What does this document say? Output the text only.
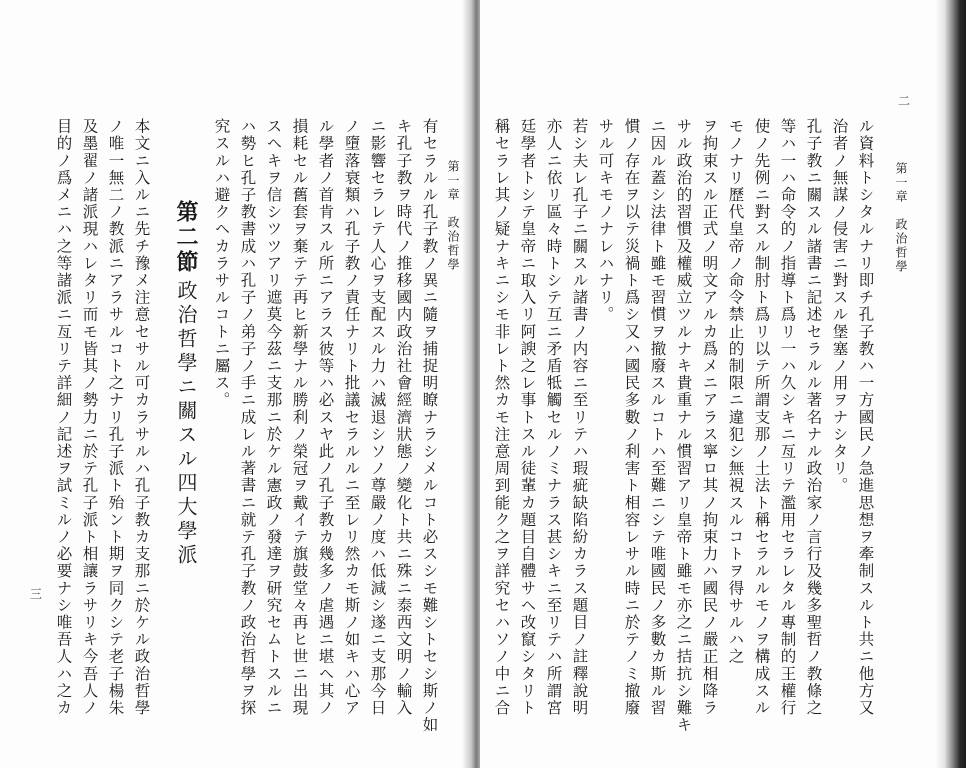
第一章　政治哲學
三	有セラルル孔子教ノ異ニ隨ヲ捕捉明瞭ナラシメルコト必スシモ難シトセシ斯ノ如
キ孔子教ヲ時代ノ推移國内政治社會經濟狀態ノ變化ト共ニ殊ニ泰西文明ノ輸入
ニ影響セラレテ人心ヲ支配スル力ハ滅退シソノ尊嚴ノ度ハ低減シ遂ニ支那今日
ノ墮落衰類ハ孔子教ノ責任ナリト批議セラルルニ至レリ然カモ斯ノ如キハ心ア
ル學者ノ首肯スル所ニアラス彼等ハ必スヤ此ノ孔子教カ幾多ノ虐遇ニ堪ヘ其ノ
損耗セル舊套ヲ棄テテ再ヒ新學ナル勝利ノ榮冠ヲ戴イテ旗鼓堂々再ヒ世ニ出現
スヘキヲ信シツツアリ遮莫今茲ニ支那ニ於ケル憲政ノ發達ヲ研究セムトスルニ
ハ勢ヒ孔子教書成ハ孔子ノ弟子ノ手ニ成レル著書ニ就テ孔子教ノ政治哲學ヲ探
究スルハ避クヘカラサルコトニ屬ス。
第二節
政治哲學ニ關スル四大學派
本文ニ入ルニ先チ豫メ注意セサル可カラサルハ孔子教カ支那ニ於ケル政治哲學
ノ唯一無二ノ教派ニアラサルコト之ナリ孔子派ト殆ント期ヲ同クシテ老子楊朱
及墨翟ノ諸派現ハレタリ而モ皆其ノ勢力ニ於テ孔子派ト相讓ラサリキ今吾人ノ
目的ノ爲メニハ之等諸派ニ亙リテ詳細ノ記述ヲ試ミルノ必要ナシ唯吾人ハ之カ	第一章　政治哲學
二
ル資料トシタルナリ即チ孔子教ハ一方國民ノ急進思想ヲ牽制スルト共ニ他方又
治者ノ無謀ノ侵害ニ對スル堡塞ノ用ヲナシタリ。
孔子教ニ關スル諸書ニ記述セラルル著名ナル政治家ノ言行及幾多聖哲ノ教條之
等ハ一ハ命令的ノ指導ト爲リ一ハ久シキニ亙リテ濫用セラレタル專制的王權行
使ノ先例ニ對スル制肘ト爲リ以テ所謂支那ノ土法ト稱セラルルモノヲ構成スル
モノナリ歷代皇帝ノ命令禁止的制限ニ違犯シ無視スルコトヲ得サルハ之
ヲ拘束スル正式ノ明文アルカ爲メニアラス寧ロ其ノ拘束力ハ國民ノ嚴正相降ラ
サル政治的習慣及權威立ツルナキ貴重ナル慣習アリ皇帝ト雖モ亦之ニ拮抗シ難キ
ニ因ル蓋シ法律ト雖モ習慣ヲ撤廢スルコトハ至難ニシテ唯國民ノ多數カ斯ル習
慣ノ存在ヲ以テ災禍ト爲シ又ハ國民多數ノ利害ト相容レサル時ニ於テノミ撤廢
サル可キモノナレハナリ。
若シ夫レ孔子ニ關スル諸書ノ内容ニ至リテハ瑕疵缺陷紛カラス題目ノ註釋說明
亦人ニ依リ區々時トシテ互ニ矛盾牴觸セルノミナラス甚シキニ至リテハ所謂宮
廷學者トシテ皇帝ニ取入リ阿諛之レ事トスル徒輩カ題目自體サヘ改竄シタリト
稱セラレ其ノ疑ナキニシモ非レト然カモ注意周到能ク之ヲ詳究セハソノ中ニ合
